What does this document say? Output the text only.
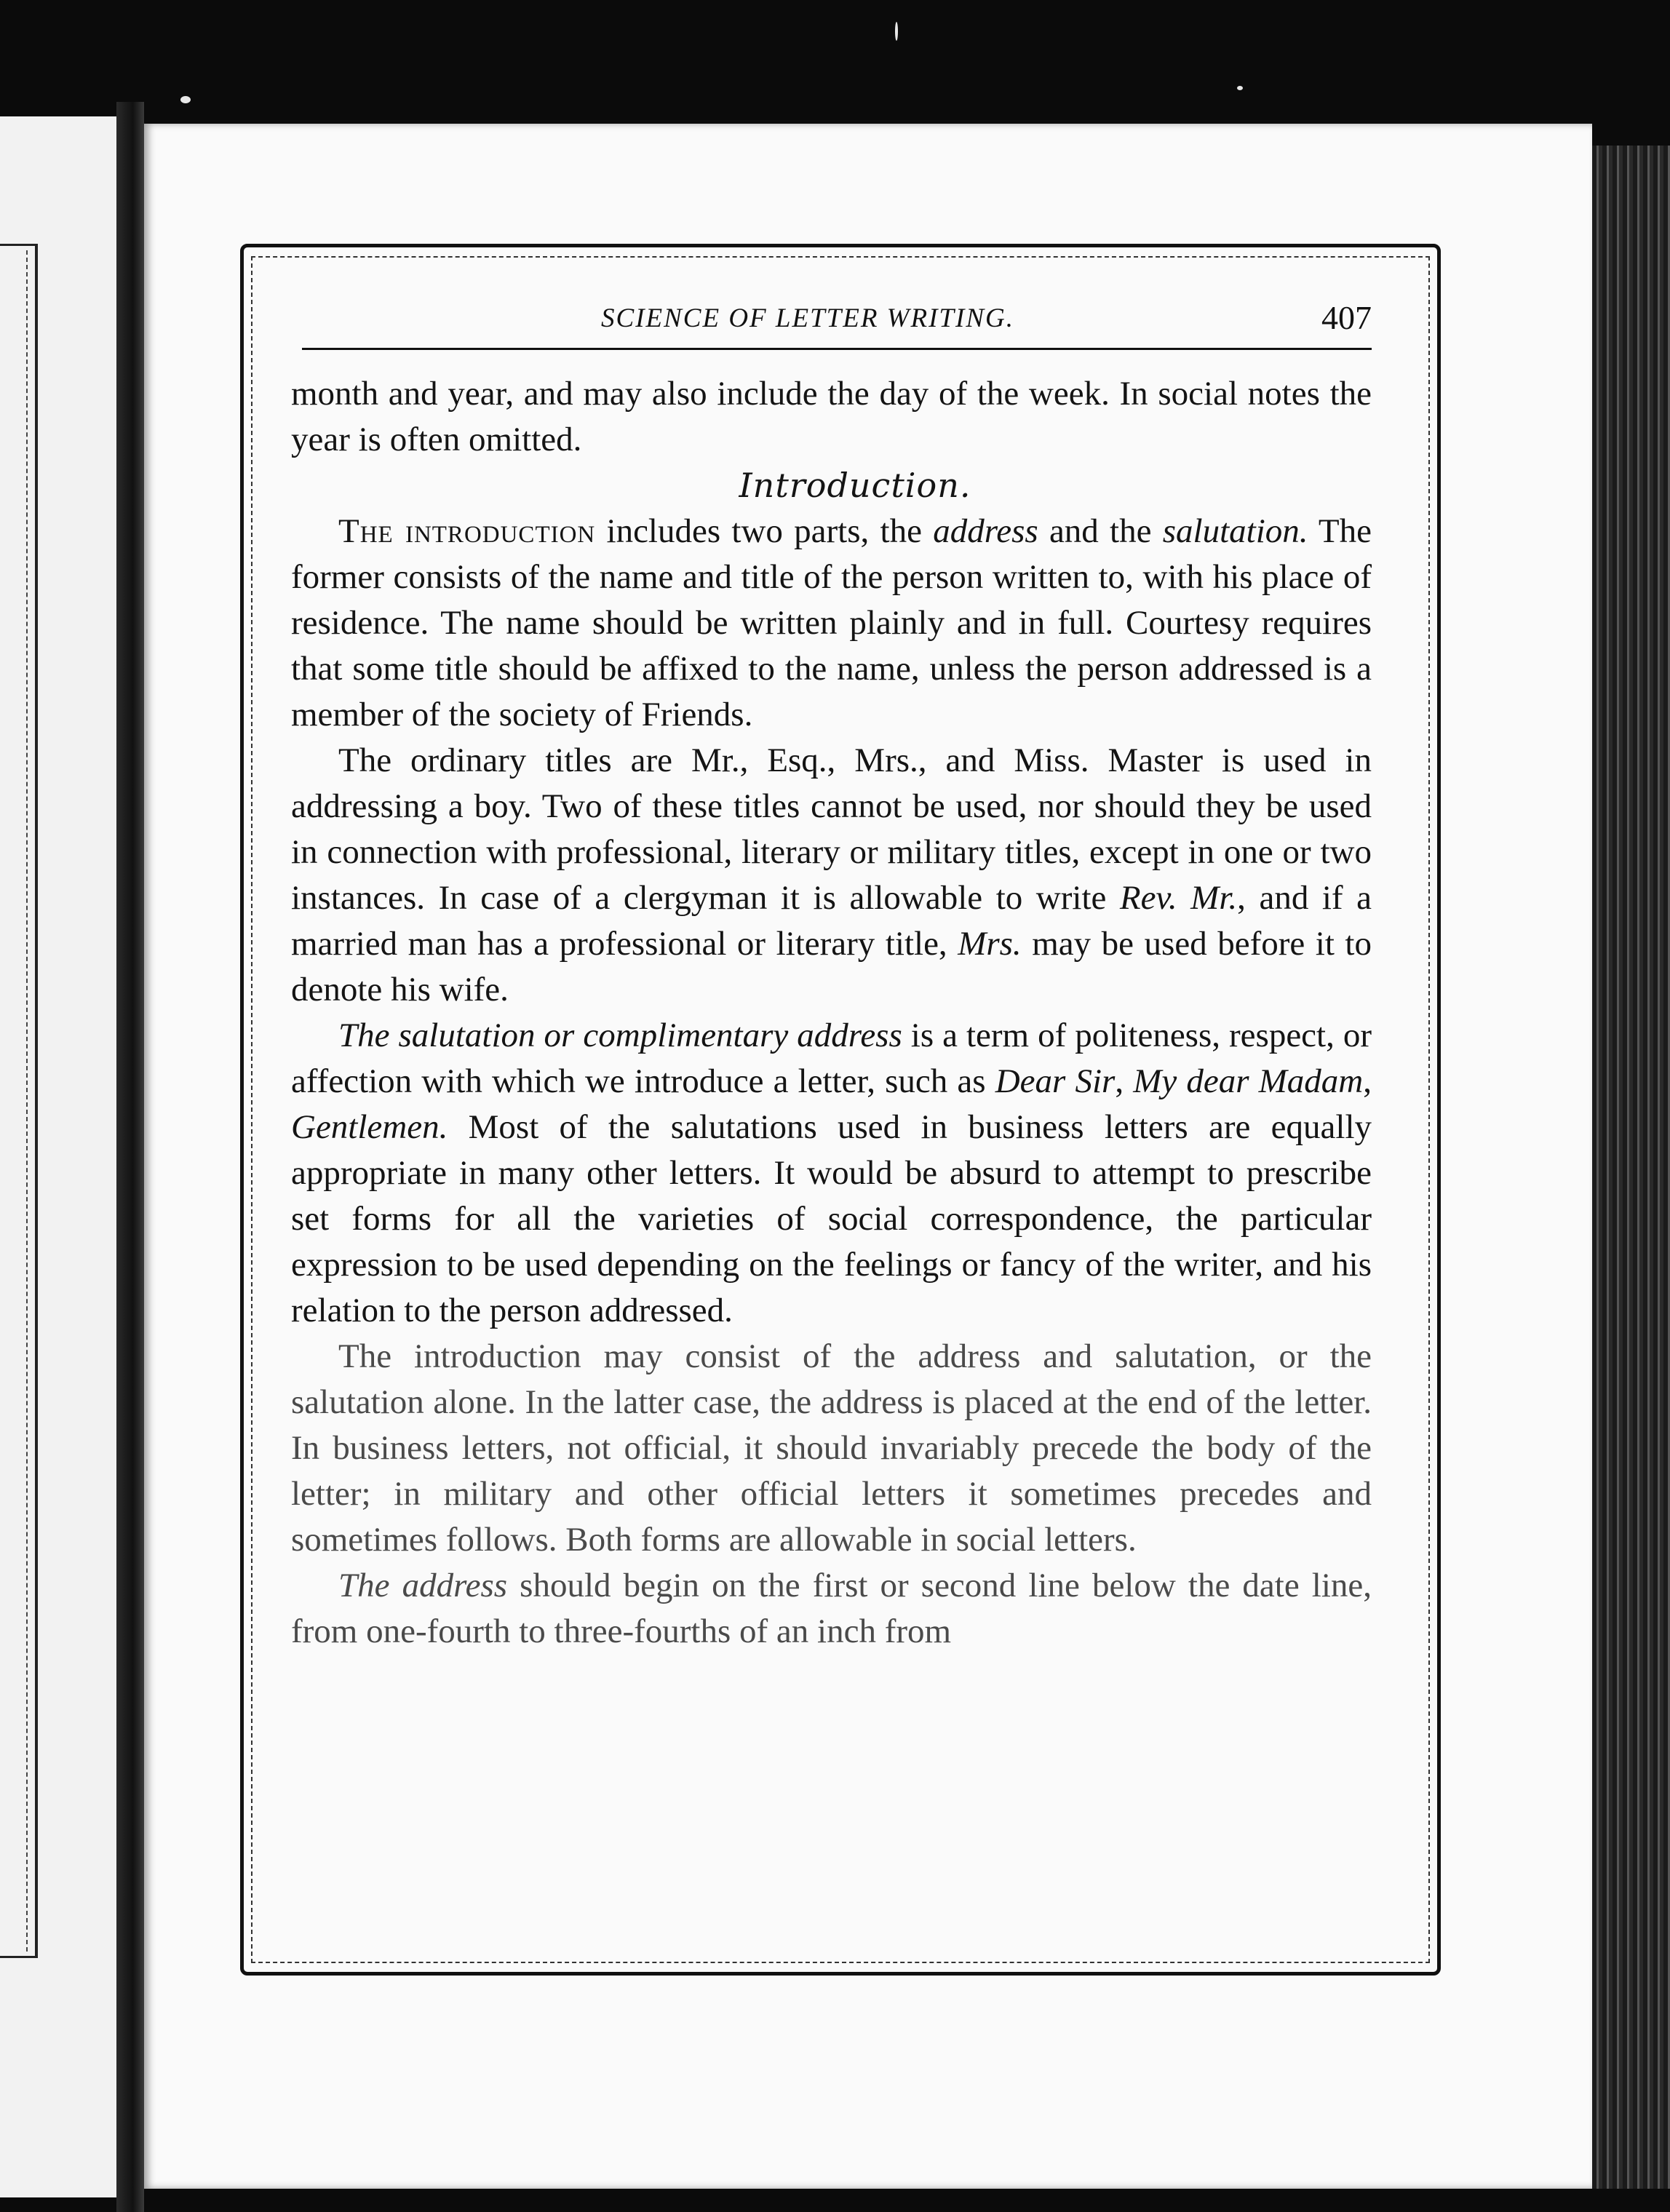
SCIENCE OF LETTER WRITING.	407

month and year, and may also include the day of the week. In social notes the year is often omitted.

Introduction.

The introduction includes two parts, the address and the salutation. The former consists of the name and title of the person written to, with his place of residence. The name should be written plainly and in full. Courtesy requires that some title should be affixed to the name, unless the person addressed is a member of the society of Friends.

The ordinary titles are Mr., Esq., Mrs., and Miss. Master is used in addressing a boy. Two of these titles cannot be used, nor should they be used in connection with professional, literary or military titles, except in one or two instances. In case of a clergyman it is allowable to write Rev. Mr., and if a married man has a professional or literary title, Mrs. may be used before it to denote his wife.

The salutation or complimentary address is a term of politeness, respect, or affection with which we introduce a letter, such as Dear Sir, My dear Madam, Gentlemen. Most of the salutations used in business letters are equally appropriate in many other letters. It would be absurd to attempt to prescribe set forms for all the varieties of social correspondence, the particular expression to be used depending on the feelings or fancy of the writer, and his relation to the person addressed.

The introduction may consist of the address and salutation, or the salutation alone. In the latter case, the address is placed at the end of the letter. In business letters, not official, it should invariably precede the body of the letter; in military and other official letters it sometimes precedes and sometimes follows. Both forms are allowable in social letters.

The address should begin on the first or second line below the date line, from one-fourth to three-fourths of an inch from
